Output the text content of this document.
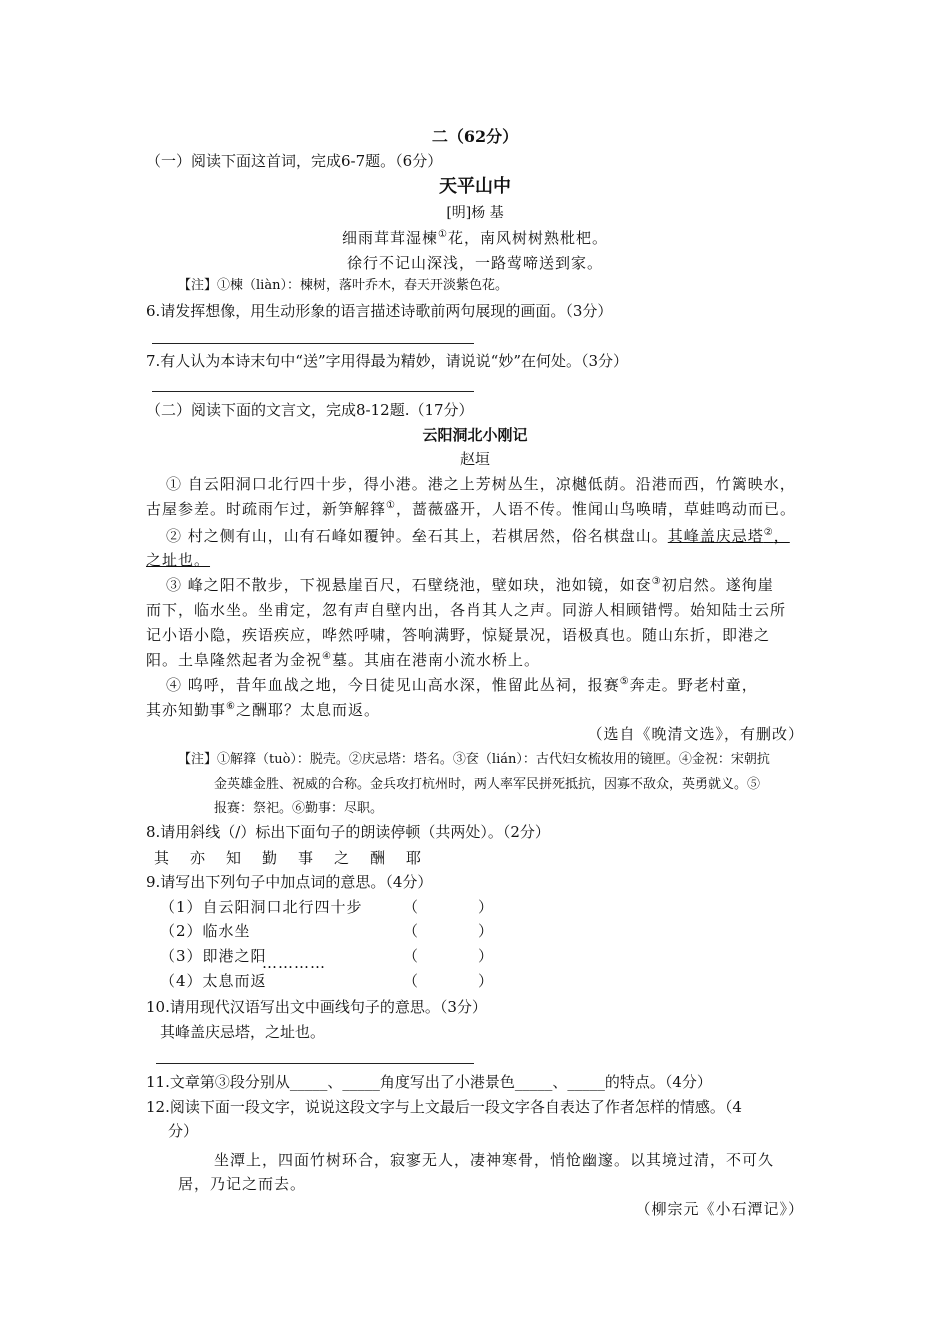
二（62分）
（一）阅读下面这首词，完成6-7题。（6分）
天平山中
[明]杨 基
细雨茸茸湿楝①花，南风树树熟枇杷。
徐行不记山深浅，一路莺啼送到家。
【注】①楝（liàn）：楝树，落叶乔木，春天开淡紫色花。
6.请发挥想像，用生动形象的语言描述诗歌前两句展现的画面。（3分）
7.有人认为本诗末句中“送”字用得最为精妙，请说说“妙”在何处。（3分）
（二）阅读下面的文言文，完成8-12题.（17分）
云阳洞北小刚记
赵垣
① 自云阳洞口北行四十步，得小港。港之上芳树丛生，凉樾低荫。沿港而西，竹篱映水，
古屋参差。时疏雨乍过，新笋解箨①，蔷薇盛开，人语不传。惟闻山鸟唤晴，草蛙鸣动而已。
② 村之侧有山，山有石峰如覆钟。垒石其上，若棋居然，俗名棋盘山。其峰盖庆忌塔②，
之址也。
③ 峰之阳不散步，下视悬崖百尺，石壁绕池，壁如玦，池如镜，如奁③初启然。遂徇崖
而下，临水坐。坐甫定，忽有声自壁内出，各肖其人之声。同游人相顾错愕。始知陆士云所
记小语小隐，疾语疾应，哗然呼啸，答响满野，惊疑景况，语极真也。随山东折，即港之
阳。土阜隆然起者为金祝④墓。其庙在港南小流水桥上。
④ 呜呼，昔年血战之地，今日徒见山高水深，惟留此丛祠，报赛⑤奔走。野老村童，
其亦知勤事⑥之酬耶？太息而返。
（选自《晚清文选》，有删改）
【注】①解箨（tuò）：脱壳。②庆忌塔：塔名。③奁（lián）：古代妇女梳妆用的镜匣。④金祝：宋朝抗
金英雄金胜、祝威的合称。金兵攻打杭州时，两人率军民拼死抵抗，因寡不敌众，英勇就义。⑤
报赛：祭祀。⑥勤事：尽职。
8.请用斜线（/）标出下面句子的朗读停顿（共两处）。（2分）
其　亦　知　勤　事　之　酬　耶
9.请写出下列句子中加点词的意思。（4分）
（1）自云阳洞口北行四十步	（　　　　）
（2）临水坐	（　　　　）
（3）即港之阳	（　　　　）
…………
（4）太息而返	（　　　　）
10.请用现代汉语写出文中画线句子的意思。（3分）
其峰盖庆忌塔，之址也。
11.文章第③段分别从_____、_____角度写出了小港景色_____、_____的特点。（4分）
12.阅读下面一段文字，说说这段文字与上文最后一段文字各自表达了作者怎样的情感。（4
分）
坐潭上，四面竹树环合，寂寥无人，凄神寒骨，悄怆幽邃。以其境过清，不可久
居，乃记之而去。
（柳宗元《小石潭记》）
